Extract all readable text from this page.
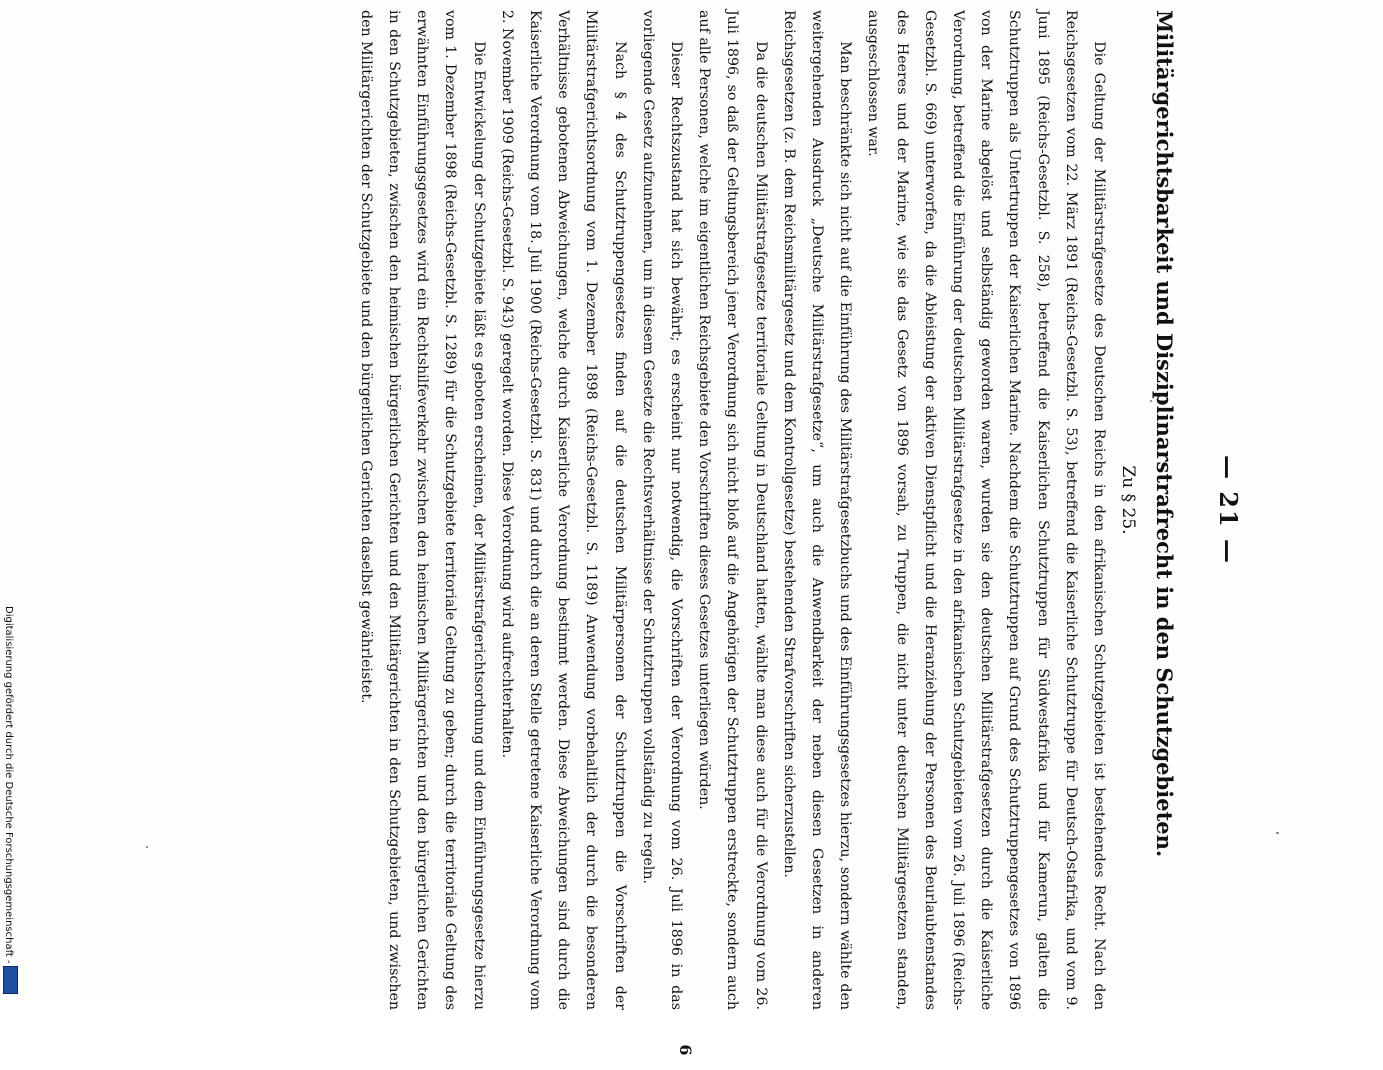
— 21 —
Militärgerichtsbarkeit und Disziplinarstrafrecht in den Schutzgebieten.
Zu § 25.

Die Geltung der Militärstrafgesetze des Deutschen Reichs in den afrikanischen Schutzgebieten ist bestehendes Recht. Nach den Reichsgesetzen vom 22. März 1891 (Reichs-Gesetzbl. S. 53), betreffend die Kaiserliche Schutztruppe für Deutsch-Ostafrika, und vom 9. Juni 1895 (Reichs-Gesetzbl. S. 258), betreffend die Kaiserlichen Schutztruppen für Südwestafrika und für Kamerun, galten die Schutztruppen als Untertruppen der Kaiserlichen Marine. Nachdem die Schutztruppen auf Grund des Schutztruppengesetzes von 1896 von der Marine abgelöst und selbständig geworden waren, wurden sie den deutschen Militärstrafgesetzen durch die Kaiserliche Verordnung, betreffend die Einführung der deutschen Militärstrafgesetze in den afrikanischen Schutzgebieten vom 26. Juli 1896 (Reichs-Gesetzbl. S. 669) unterworfen, da die Ableistung der aktiven Dienstpflicht und die Heranziehung der Personen des Beurlaubtenstandes des Heeres und der Marine, wie sie das Gesetz von 1896 vorsah, zu Truppen, die nicht unter deutschen Militärgesetzen standen, ausgeschlossen war.

Man beschränkte sich nicht auf die Einführung des Militärstrafgesetzbuchs und des Einführungsgesetzes hierzu, sondern wählte den weitergehenden Ausdruck „Deutsche Militärstrafgesetze“, um auch die Anwendbarkeit der neben diesen Gesetzen in anderen Reichsgesetzen (z. B. dem Reichsmilitärgesetz und dem Kontrollgesetze) bestehenden Strafvorschriften sicherzustellen.

Da die deutschen Militärstrafgesetze territoriale Geltung in Deutschland hatten, wählte man diese auch für die Verordnung vom 26. Juli 1896, so daß der Geltungsbereich jener Verordnung sich nicht bloß auf die Angehörigen der Schutztruppen erstreckte, sondern auch auf alle Personen, welche im eigentlichen Reichsgebiete den Vorschriften dieses Gesetzes unterliegen würden.

Dieser Rechtszustand hat sich bewährt; es erscheint nur notwendig, die Vorschriften der Verordnung vom 26. Juli 1896 in das vorliegende Gesetz aufzunehmen, um in diesem Gesetze die Rechtsverhältnisse der Schutztruppen vollständig zu regeln.

Nach § 4 des Schutztruppengesetzes finden auf die deutschen Militärpersonen der Schutztruppen die Vorschriften der Militärstrafgerichtsordnung vom 1. Dezember 1898 (Reichs-Gesetzbl. S. 1189) Anwendung vorbehaltlich der durch die besonderen Verhältnisse gebotenen Abweichungen, welche durch Kaiserliche Verordnung bestimmt werden. Diese Abweichungen sind durch die Kaiserliche Verordnung vom 18. Juli 1900 (Reichs-Gesetzbl. S. 831) und durch die an deren Stelle getretene Kaiserliche Verordnung vom 2. November 1909 (Reichs-Gesetzbl. S. 943) geregelt worden. Diese Verordnung wird aufrechterhalten.

Die Entwickelung der Schutzgebiete läßt es geboten erscheinen, der Militärstrafgerichtsordnung und dem Einführungsgesetze hierzu vom 1. Dezember 1898 (Reichs-Gesetzbl. S. 1289) für die Schutzgebiete territoriale Geltung zu geben; durch die territoriale Geltung des erwähnten Einführungsgesetzes wird ein Rechtshilfeverkehr zwischen den heimischen Militärgerichten und den bürgerlichen Gerichten in den Schutzgebieten, zwischen den heimischen bürgerlichen Gerichten und den Militärgerichten in den Schutzgebieten, und zwischen den Militärgerichten der Schutzgebiete und den bürgerlichen Gerichten daselbst gewährleistet.

6
Digitalisierung gefördert durch die Deutsche Forschungsgemeinschaft -
